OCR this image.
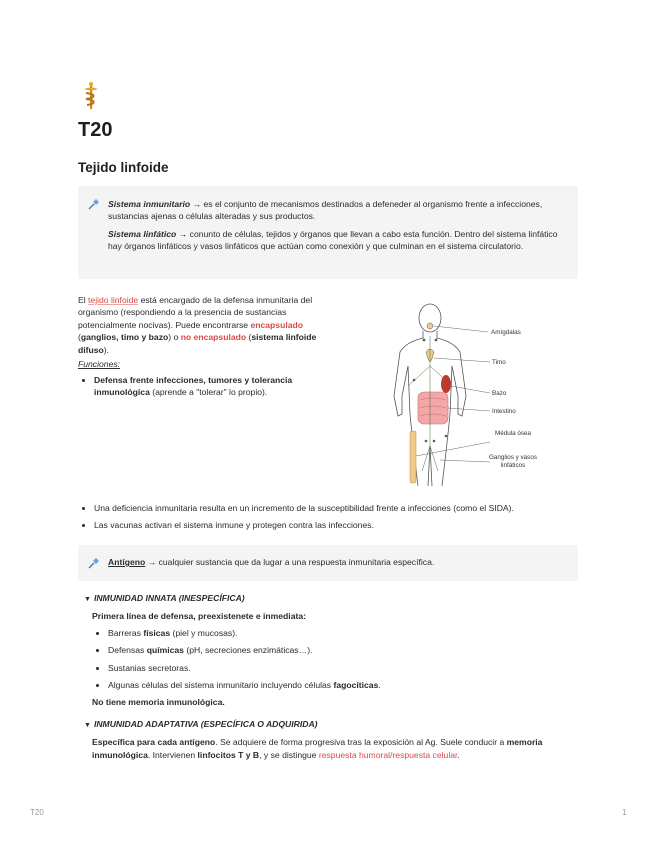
T20
Tejido linfoide

Sistema inmunitario → es el conjunto de mecanismos destinados a defeneder al organismo frente a infecciones, sustancias ajenas o células alteradas y sus productos.

Sistema linfático → conunto de células, tejidos y órganos que llevan a cabo esta función. Dentro del sistema linfático hay órganos linfáticos y vasos linfáticos que actúan como conexión y que culminan en el sistema circulatorio.

El tejido linfoide está encargado de la defensa inmunitaria del organismo (respondiendo a la presencia de sustancias potencialmente nocivas). Puede encontrarse encapsulado (ganglios, timo y bazo) o no encapsulado (sistema linfoide difuso).

Funciones:

• Defensa frente infecciones, tumores y tolerancia inmunológica (aprende a "tolerar" lo propio).
Amígdalas
Timo
Bazo
Intestino
Médula ósea
Ganglios y vasos linfáticos
• Una deficiencia inmunitaria resulta en un incremento de la susceptibilidad frente a infecciones (como el SIDA).
• Las vacunas activan el sistema inmune y protegen contra las infecciones.

Antígeno → cualquier sustancia que da lugar a una respuesta inmunitaria específica.

▼ INMUNIDAD INNATA (INESPECÍFICA)

Primera línea de defensa, preexistenete e inmediata:

• Barreras físicas (piel y mucosas).
• Defensas químicas (pH, secreciones enzimáticas…).
• Sustanias secretoras.
• Algunas células del sistema inmunitario incluyendo células fagocíticas.

No tiene memoria inmunológica.

▼ INMUNIDAD ADAPTATIVA (ESPECÍFICA O ADQUIRIDA)

Específica para cada antígeno. Se adquiere de forma progresiva tras la exposición al Ag. Suele conducir a memoria inmunológica. Intervienen linfocitos T y B, y se distingue respuesta humoral/respuesta celular.

T20	1
